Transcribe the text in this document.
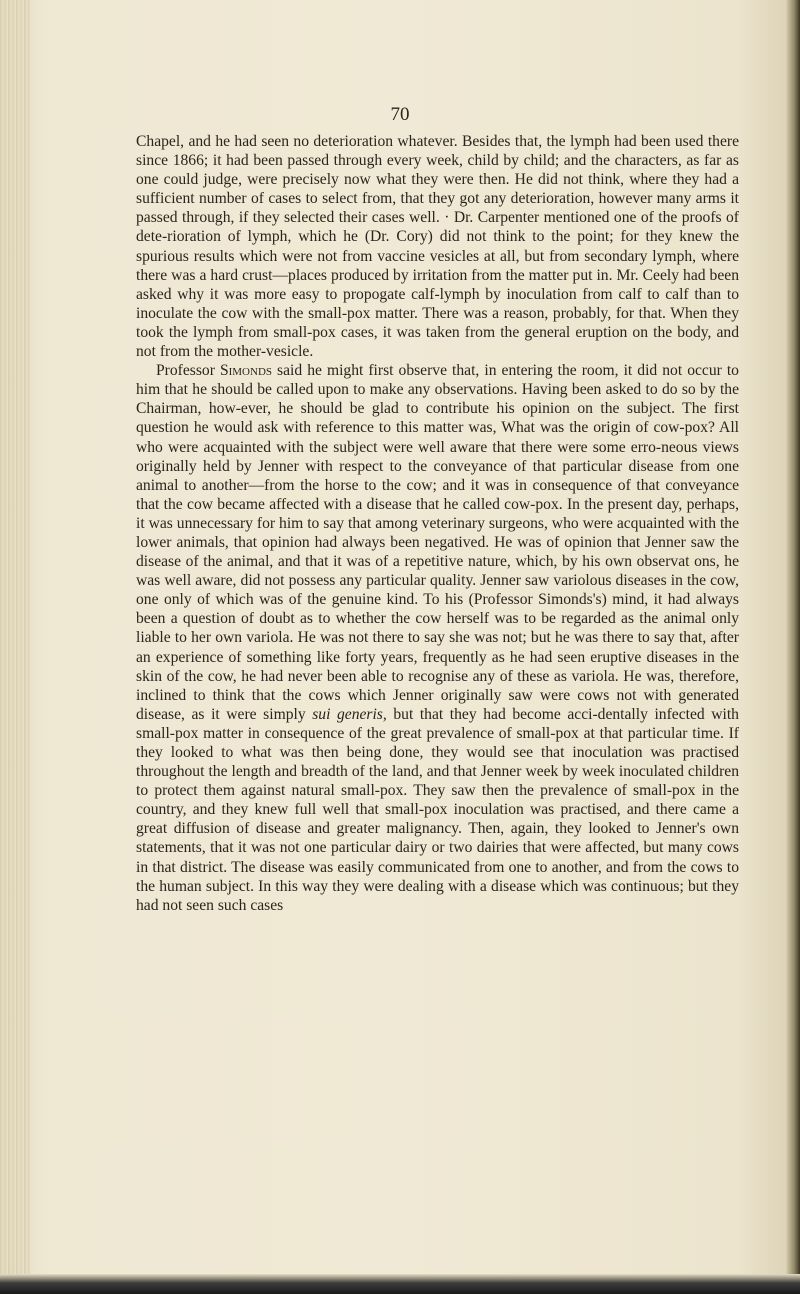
70

Chapel, and he had seen no deterioration whatever. Besides that, the lymph had been used there since 1866; it had been passed through every week, child by child; and the characters, as far as one could judge, were precisely now what they were then. He did not think, where they had a sufficient number of cases to select from, that they got any deterioration, however many arms it passed through, if they selected their cases well. · Dr. Carpenter mentioned one of the proofs of dete-rioration of lymph, which he (Dr. Cory) did not think to the point; for they knew the spurious results which were not from vaccine vesicles at all, but from secondary lymph, where there was a hard crust—places produced by irritation from the matter put in. Mr. Ceely had been asked why it was more easy to propogate calf-lymph by inoculation from calf to calf than to inoculate the cow with the small-pox matter. There was a reason, probably, for that. When they took the lymph from small-pox cases, it was taken from the general eruption on the body, and not from the mother-vesicle.

Professor Simonds said he might first observe that, in entering the room, it did not occur to him that he should be called upon to make any observations. Having been asked to do so by the Chairman, how-ever, he should be glad to contribute his opinion on the subject. The first question he would ask with reference to this matter was, What was the origin of cow-pox? All who were acquainted with the subject were well aware that there were some erro-neous views originally held by Jenner with respect to the conveyance of that particular disease from one animal to another—from the horse to the cow; and it was in consequence of that conveyance that the cow became affected with a disease that he called cow-pox. In the present day, perhaps, it was unnecessary for him to say that among veterinary surgeons, who were acquainted with the lower animals, that opinion had always been negatived. He was of opinion that Jenner saw the disease of the animal, and that it was of a repetitive nature, which, by his own observat ons, he was well aware, did not possess any particular quality. Jenner saw variolous diseases in the cow, one only of which was of the genuine kind. To his (Professor Simonds's) mind, it had always been a question of doubt as to whether the cow herself was to be regarded as the animal only liable to her own variola. He was not there to say she was not; but he was there to say that, after an experience of something like forty years, frequently as he had seen eruptive diseases in the skin of the cow, he had never been able to recognise any of these as variola. He was, therefore, inclined to think that the cows which Jenner originally saw were cows not with generated disease, as it were simply sui generis, but that they had become acci-dentally infected with small-pox matter in consequence of the great prevalence of small-pox at that particular time. If they looked to what was then being done, they would see that inoculation was practised throughout the length and breadth of the land, and that Jenner week by week inoculated children to protect them against natural small-pox. They saw then the prevalence of small-pox in the country, and they knew full well that small-pox inoculation was practised, and there came a great diffusion of disease and greater malignancy. Then, again, they looked to Jenner's own statements, that it was not one particular dairy or two dairies that were affected, but many cows in that district. The disease was easily communicated from one to another, and from the cows to the human subject. In this way they were dealing with a disease which was continuous; but they had not seen such cases
